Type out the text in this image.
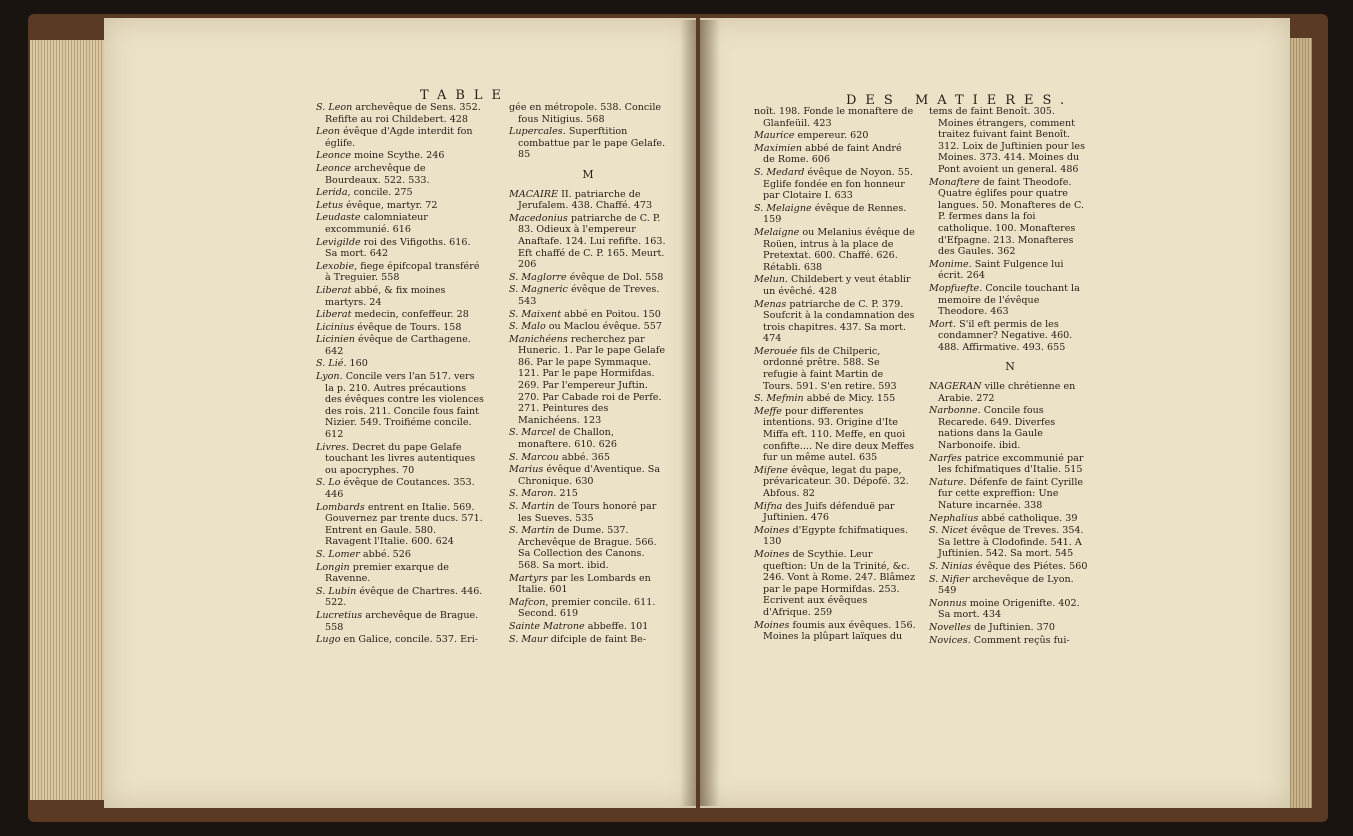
TABLE	DES MATIERES.
S. Leon archevêque de Sens. 352. Refifte au roi Childebert. 428
Leon évêque d'Agde interdit fon églife.
Leonce moine Scythe. 246
Leonce archevêque de Bourdeaux. 522. 533.
Lerida, concile. 275
Letus évêque, martyr. 72
Leudaste calomniateur excommunié. 616
Levigilde roi des Vifigoths. 616. Sa mort. 642
Lexobie, fiege épifcopal transféré à Treguier. 558
Liberat abbé, & fix moines martyrs. 24
Liberat medecin, confeffeur. 28
Licinius évêque de Tours. 158
Licinien évêque de Carthagene. 642
S. Lié. 160
Lyon. Concile vers l'an 517. vers la p. 210. Autres précautions des évêques contre les violences des rois. 211. Concile fous faint Nizier. 549. Troifiéme concile. 612
Livres. Decret du pape Gelafe touchant les livres autentiques ou apocryphes. 70
S. Lo évêque de Coutances. 353. 446
Lombards entrent en Italie. 569. Gouvernez par trente ducs. 571. Entrent en Gaule. 580. Ravagent l'Italie. 600. 624
S. Lomer abbé. 526
Longin premier exarque de Ravenne.
S. Lubin évêque de Chartres. 446. 522.
Lucretius archevêque de Brague. 558
Lugo en Galice, concile. 537. Eri-
gée en métropole. 538. Concile fous Nitigius. 568
Lupercales. Superftition combattue par le pape Gelafe. 85
M
MACAIRE II. patriarche de Jerufalem. 438. Chaffé. 473
Macedonius patriarche de C. P. 83. Odieux à l'empereur Anaftafe. 124. Lui refifte. 163. Eft chaffé de C. P. 165. Meurt. 206
S. Maglorre évêque de Dol. 558
S. Magneric évêque de Treves. 543
S. Maixent abbé en Poitou. 150
S. Malo ou Maclou évêque. 557
Manichéens recherchez par Huneric. 1. Par le pape Gelafe 86. Par le pape Symmaque. 121. Par le pape Hormifdas. 269. Par l'empereur Juftin. 270. Par Cabade roi de Perfe. 271. Peintures des Manichéens. 123
S. Marcel de Challon, monaftere. 610. 626
S. Marcou abbé. 365
Marius évêque d'Aventique. Sa Chronique. 630
S. Maron. 215
S. Martin de Tours honoré par les Sueves. 535
S. Martin de Dume. 537. Archevêque de Brague. 566. Sa Collection des Canons. 568. Sa mort. ibid.
Martyrs par les Lombards en Italie. 601
Mafcon, premier concile. 611. Second. 619
Sainte Matrone abbeffe. 101
S. Maur difciple de faint Be-
noît. 198. Fonde le monaftere de Glanfeüil. 423
Maurice empereur. 620
Maximien abbé de faint André de Rome. 606
S. Medard évêque de Noyon. 55. Eglife fondée en fon honneur par Clotaire I. 633
S. Melaigne évêque de Rennes. 159
Melaigne ou Melanius évêque de Roüen, intrus à la place de Pretextat. 600. Chaffé. 626. Rétabli. 638
Melun. Childebert y veut établir un évêché. 428
Menas patriarche de C. P. 379. Soufcrit à la condamnation des trois chapitres. 437. Sa mort. 474
Merouée fils de Chilperic, ordonné prêtre. 588. Se refugie à faint Martin de Tours. 591. S'en retire. 593
S. Mefmin abbé de Micy. 155
Meffe pour differentes intentions. 93. Origine d'Ite Miffa eft. 110. Meffe, en quoi confifte.... Ne dire deux Meffes fur un même autel. 635
Mifene évêque, legat du pape, prévaricateur. 30. Dépofé. 32. Abfous. 82
Mifna des Juifs défenduë par Juftinien. 476
Moines d'Egypte fchifmatiques. 130
Moines de Scythie. Leur queftion: Un de la Trinité, &c. 246. Vont à Rome. 247. Blâmez par le pape Hormifdas. 253. Ecrivent aux évêques d'Afrique. 259
Moines foumis aux évêques. 156. Moines la plûpart laïques du
tems de faint Benoît. 305. Moines étrangers, comment traitez fuivant faint Benoît. 312. Loix de Juftinien pour les Moines. 373. 414. Moines du Pont avoient un general. 486
Monaftere de faint Theodofe. Quatre églifes pour quatre langues. 50. Monafteres de C. P. fermes dans la foi catholique. 100. Monafteres d'Efpagne. 213. Monafteres des Gaules. 362
Monime. Saint Fulgence lui écrit. 264
Mopfuefte. Concile touchant la memoire de l'évêque Theodore. 463
Mort. S'il eft permis de les condamner? Negative. 460. 488. Affirmative. 493. 655
N
NAGERAN ville chrétienne en Arabie. 272
Narbonne. Concile fous Recarede. 649. Diverfes nations dans la Gaule Narbonoife. ibid.
Narfes patrice excommunié par les fchifmatiques d'Italie. 515
Nature. Défenfe de faint Cyrille fur cette expreffion: Une Nature incarnée. 338
Nephalius abbé catholique. 39
S. Nicet évêque de Treves. 354. Sa lettre à Clodofinde. 541. A Juftinien. 542. Sa mort. 545
S. Ninias évêque des Piétes. 560
S. Nifier archevêque de Lyon. 549
Nonnus moine Origenifte. 402. Sa mort. 434
Novelles de Juftinien. 370
Novices. Comment reçûs fui-
